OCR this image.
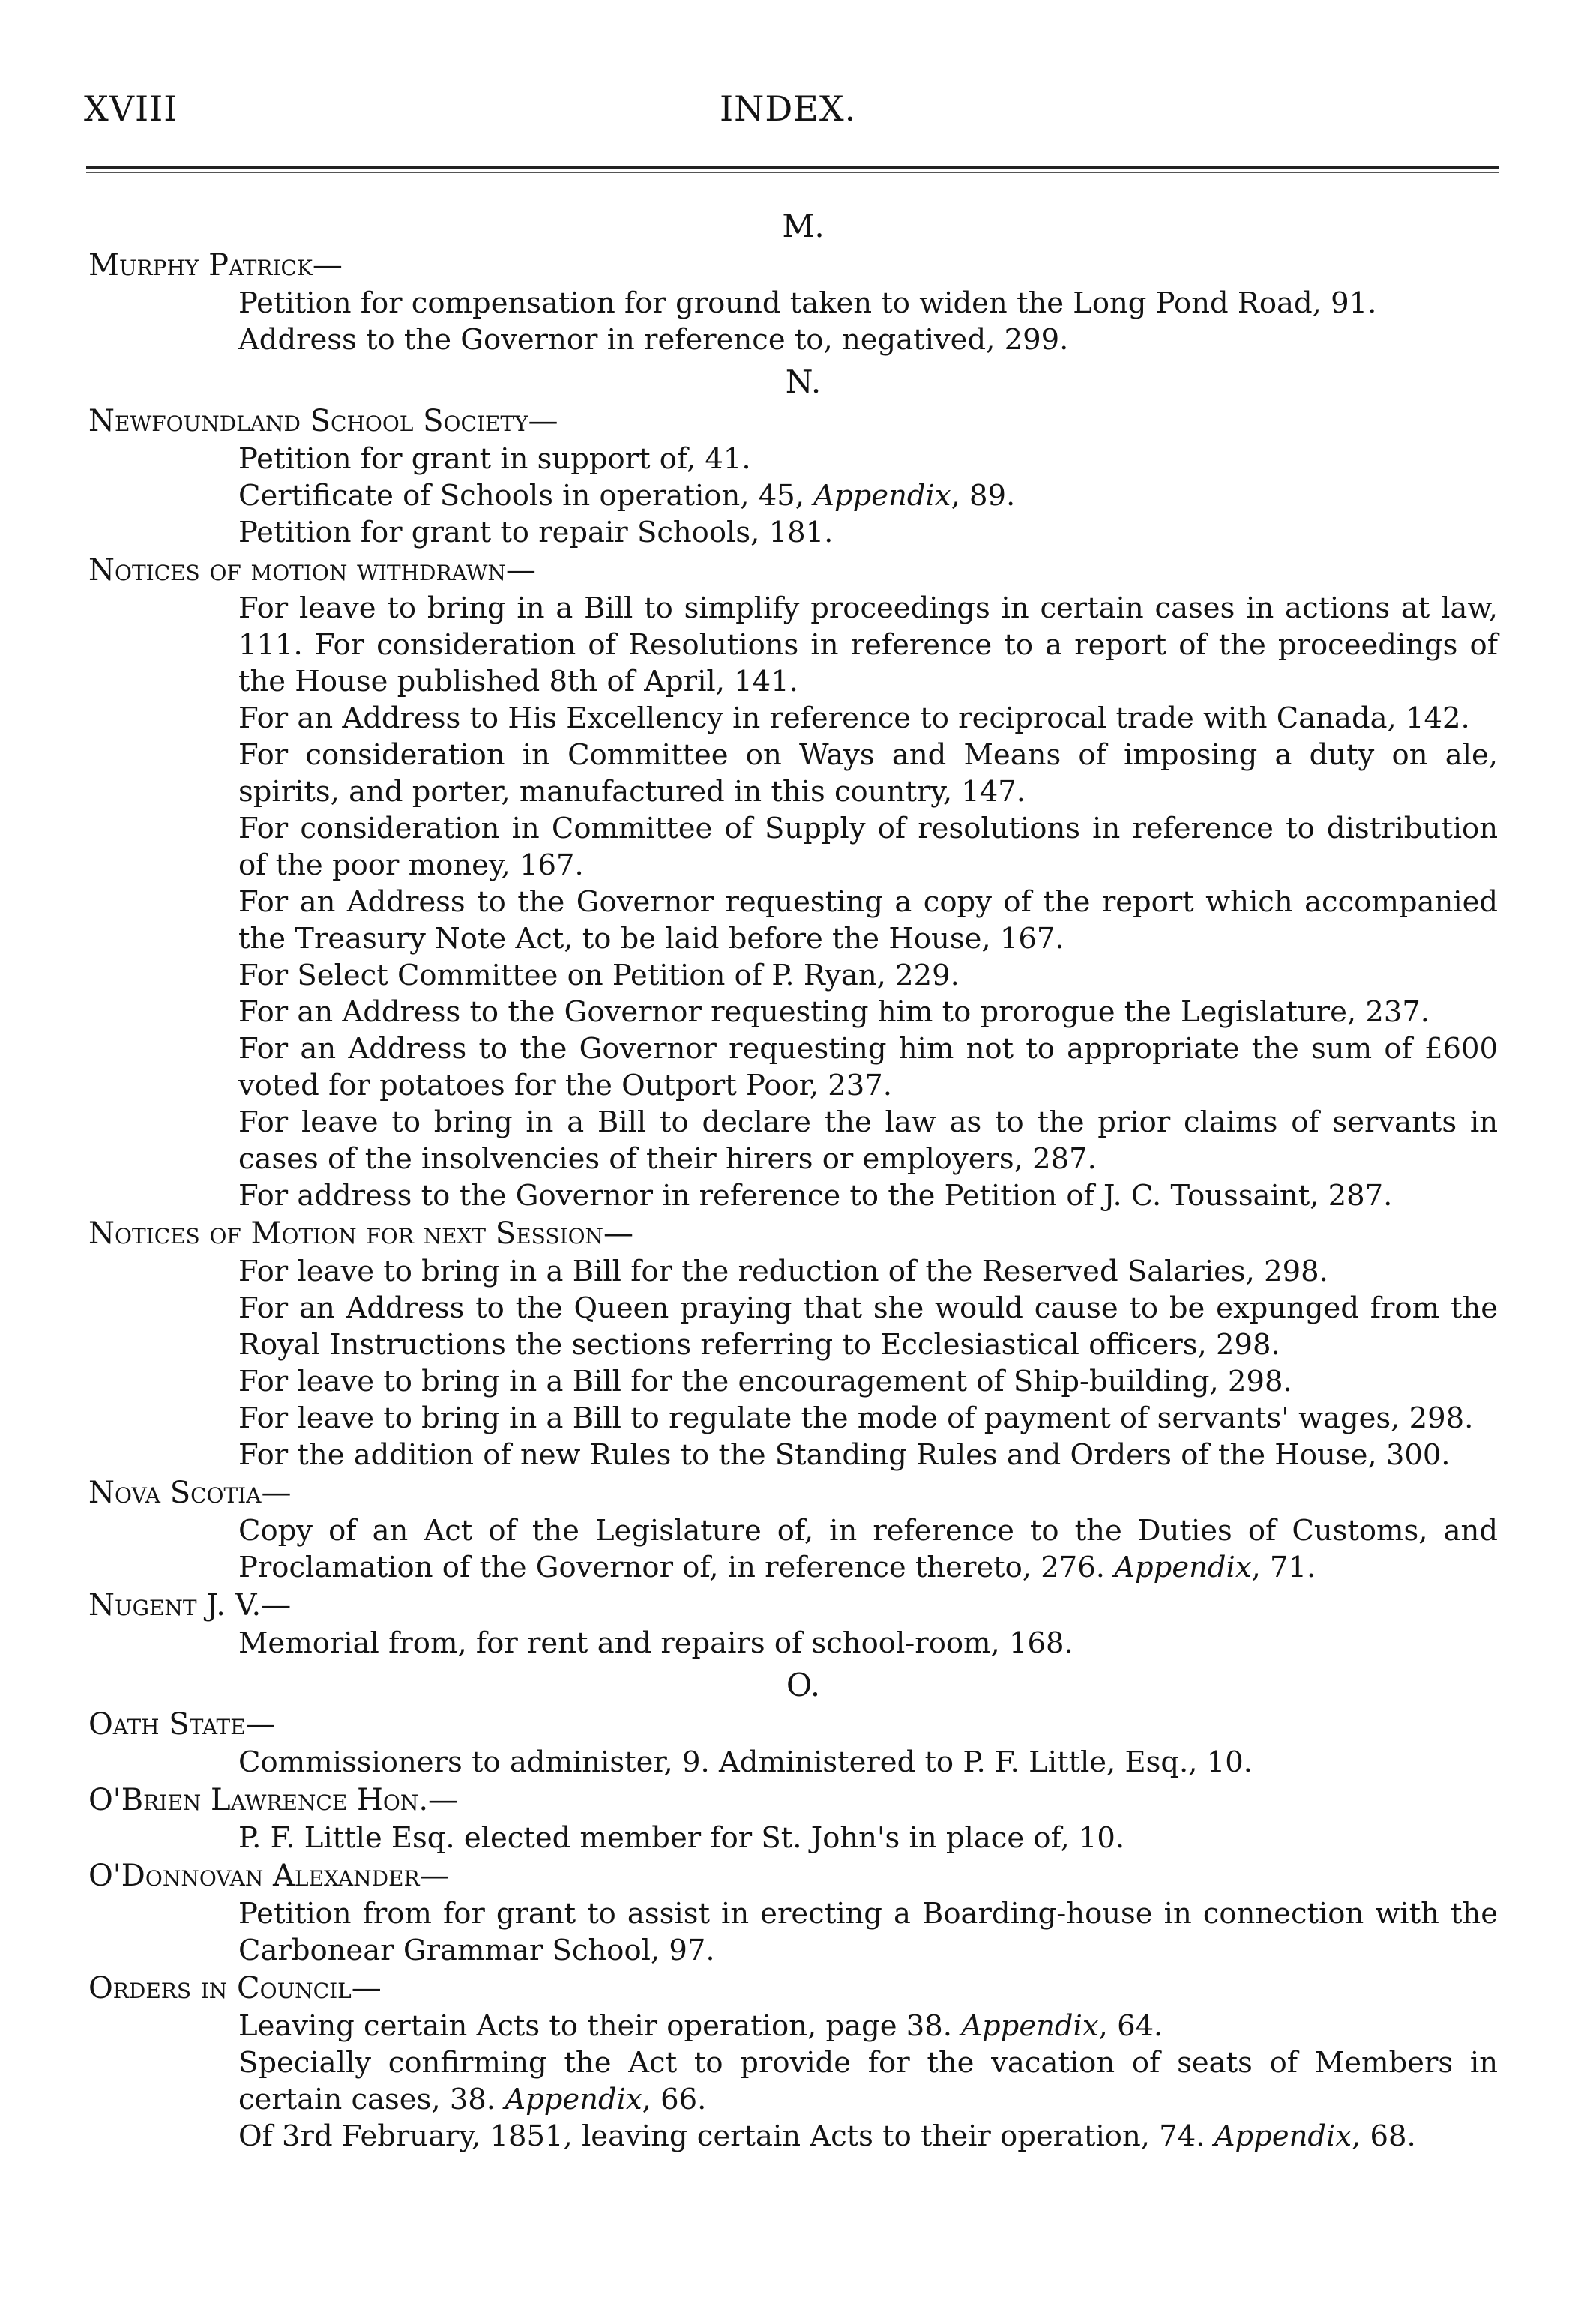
XVIII	INDEX.
M.
Murphy Patrick—
Petition for compensation for ground taken to widen the Long Pond Road, 91.
Address to the Governor in reference to, negatived, 299.
N.
Newfoundland School Society—
Petition for grant in support of, 41.
Certificate of Schools in operation, 45, Appendix, 89.
Petition for grant to repair Schools, 181.
Notices of motion withdrawn—
For leave to bring in a Bill to simplify proceedings in certain cases in actions at law, 111. For consideration of Resolutions in reference to a report of the proceedings of the House published 8th of April, 141.
For an Address to His Excellency in reference to reciprocal trade with Canada, 142.
For consideration in Committee on Ways and Means of imposing a duty on ale, spirits, and porter, manufactured in this country, 147.
For consideration in Committee of Supply of resolutions in reference to distribution of the poor money, 167.
For an Address to the Governor requesting a copy of the report which accompanied the Treasury Note Act, to be laid before the House, 167.
For Select Committee on Petition of P. Ryan, 229.
For an Address to the Governor requesting him to prorogue the Legislature, 237.
For an Address to the Governor requesting him not to appropriate the sum of £600 voted for potatoes for the Outport Poor, 237.
For leave to bring in a Bill to declare the law as to the prior claims of servants in cases of the insolvencies of their hirers or employers, 287.
For address to the Governor in reference to the Petition of J. C. Toussaint, 287.
Notices of Motion for next Session—
For leave to bring in a Bill for the reduction of the Reserved Salaries, 298.
For an Address to the Queen praying that she would cause to be expunged from the Royal Instructions the sections referring to Ecclesiastical officers, 298.
For leave to bring in a Bill for the encouragement of Ship-building, 298.
For leave to bring in a Bill to regulate the mode of payment of servants' wages, 298.
For the addition of new Rules to the Standing Rules and Orders of the House, 300.
Nova Scotia—
Copy of an Act of the Legislature of, in reference to the Duties of Customs, and Proclamation of the Governor of, in reference thereto, 276. Appendix, 71.
Nugent J. V.—
Memorial from, for rent and repairs of school-room, 168.
O.
Oath State—
Commissioners to administer, 9. Administered to P. F. Little, Esq., 10.
O'Brien Lawrence Hon.—
P. F. Little Esq. elected member for St. John's in place of, 10.
O'Donnovan Alexander—
Petition from for grant to assist in erecting a Boarding-house in connection with the Carbonear Grammar School, 97.
Orders in Council—
Leaving certain Acts to their operation, page 38. Appendix, 64.
Specially confirming the Act to provide for the vacation of seats of Members in certain cases, 38. Appendix, 66.
Of 3rd February, 1851, leaving certain Acts to their operation, 74. Appendix, 68.
